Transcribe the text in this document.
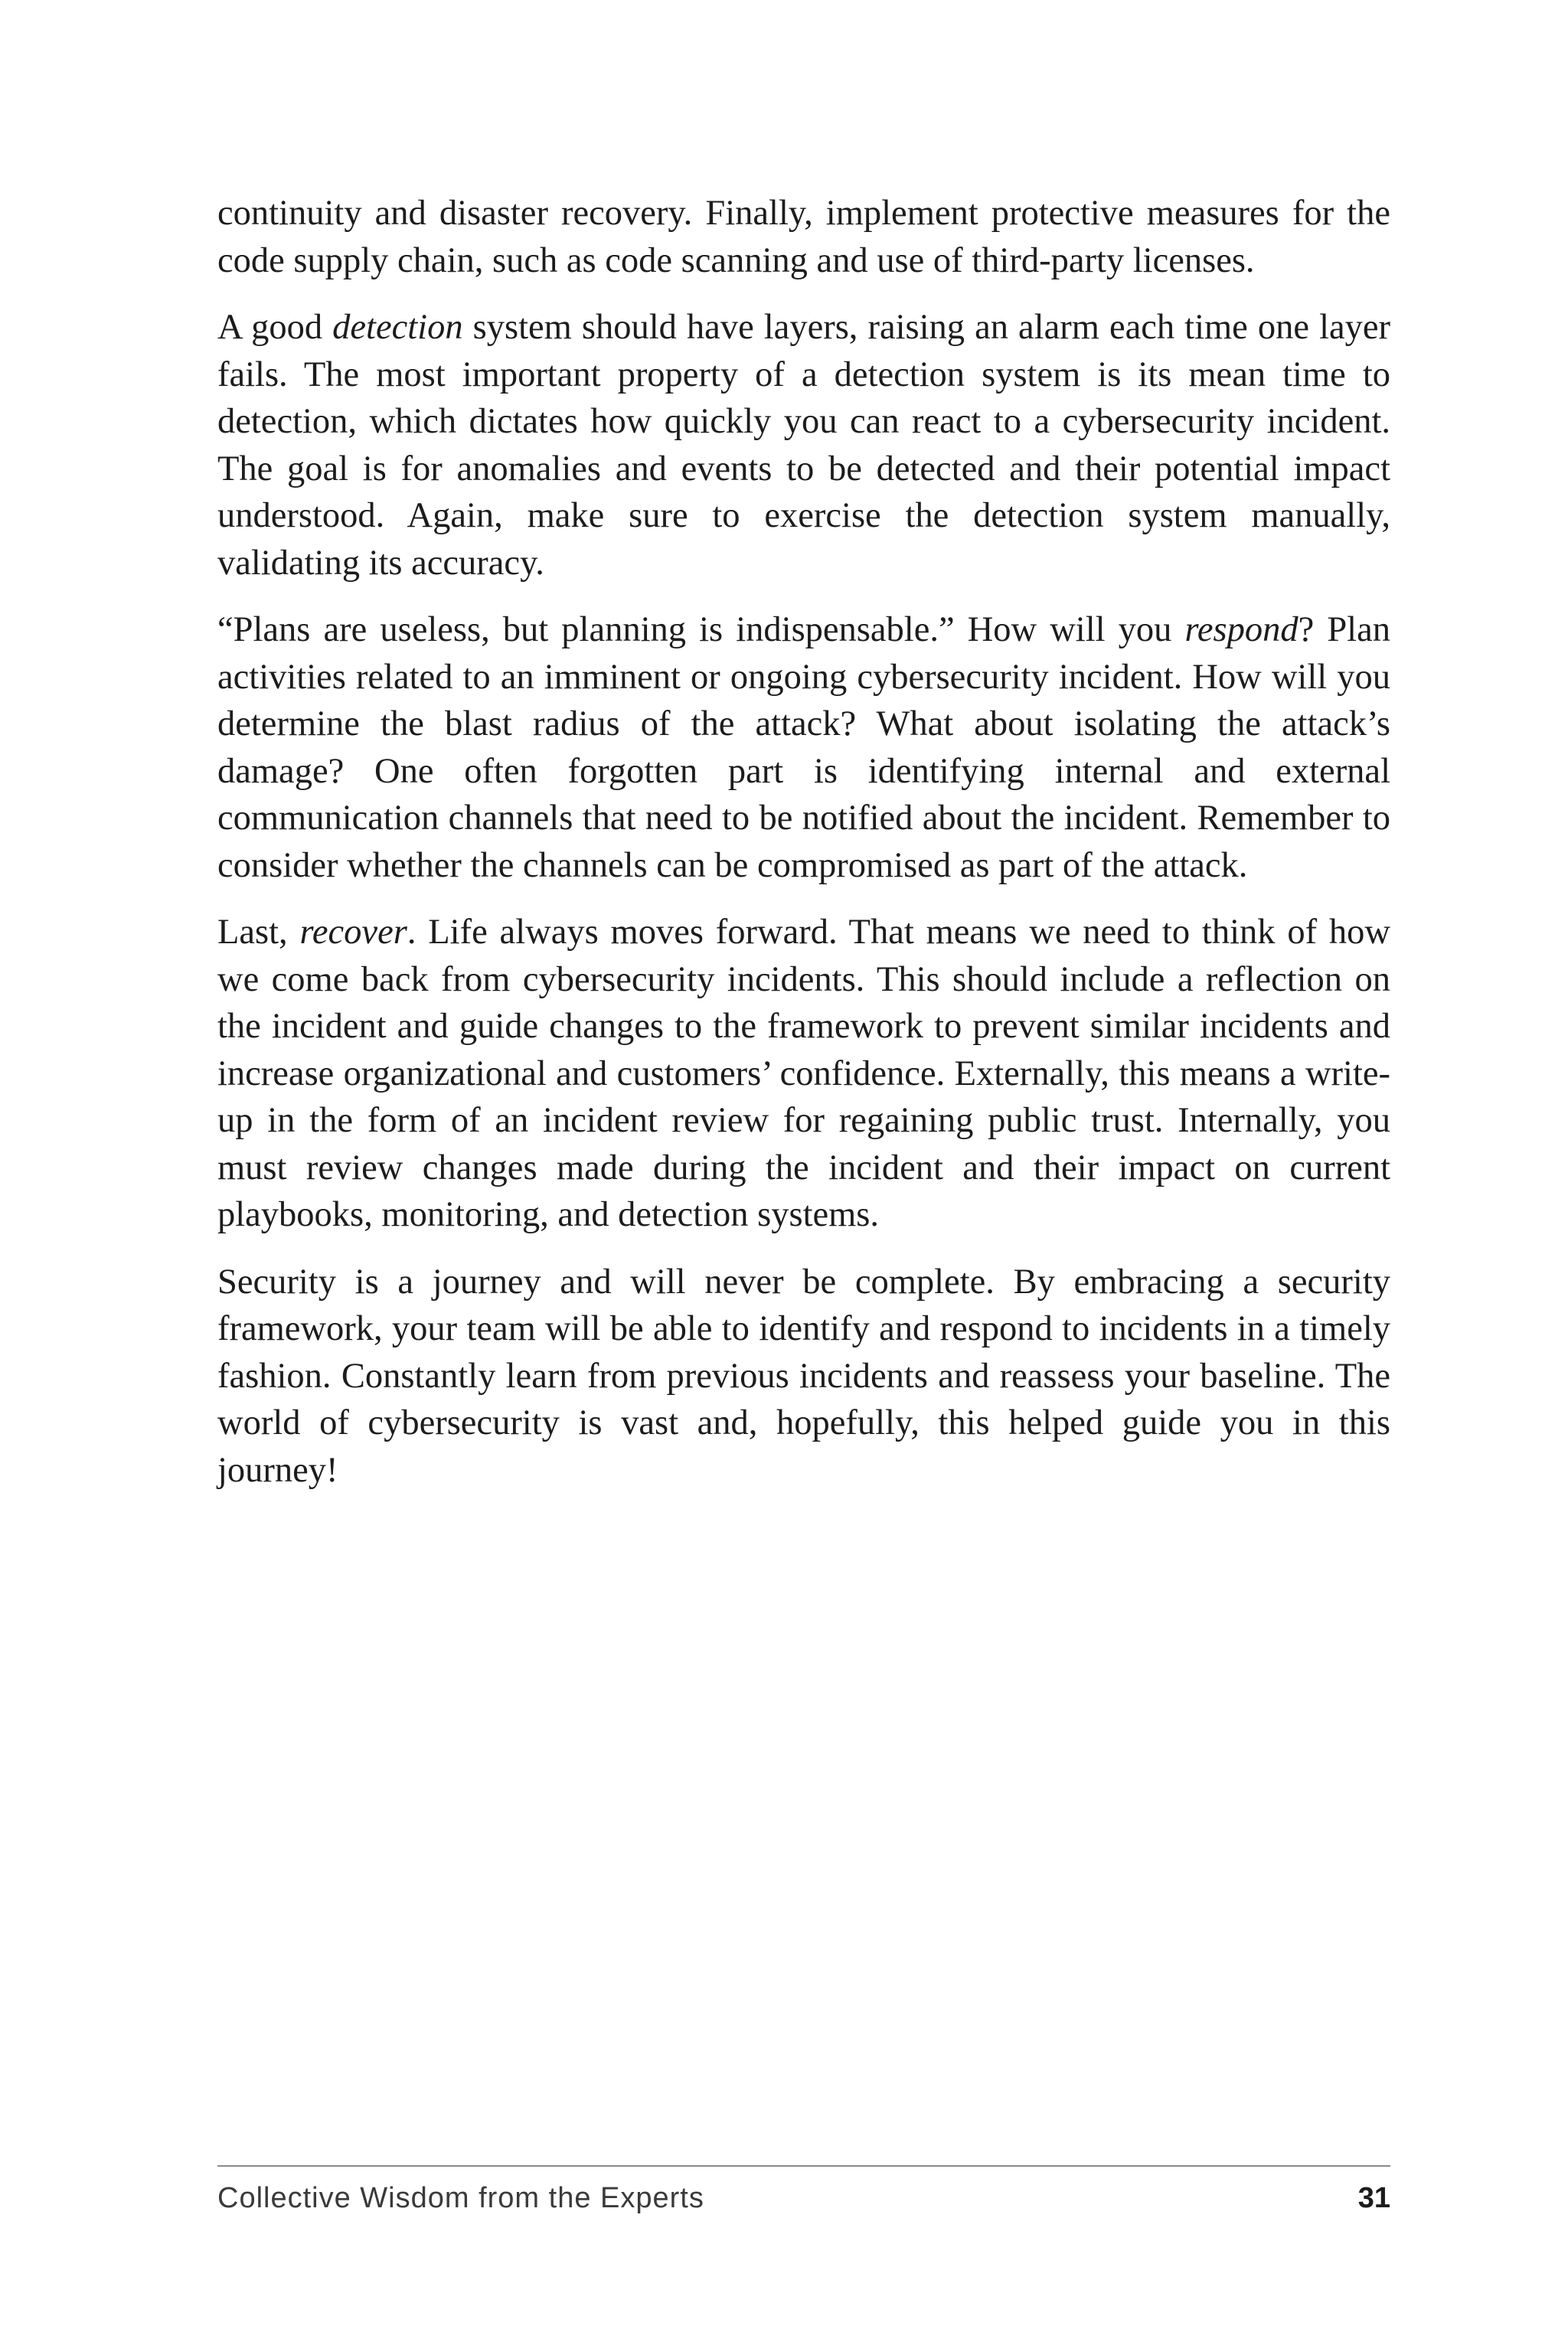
continuity and disaster recovery. Finally, implement protective measures for the code supply chain, such as code scanning and use of third-party licenses.

A good detection system should have layers, raising an alarm each time one layer fails. The most important property of a detection system is its mean time to detection, which dictates how quickly you can react to a cybersecurity incident. The goal is for anomalies and events to be detected and their potential impact understood. Again, make sure to exercise the detection system manually, validating its accuracy.

“Plans are useless, but planning is indispensable.” How will you respond? Plan activities related to an imminent or ongoing cybersecurity incident. How will you determine the blast radius of the attack? What about isolating the attack’s damage? One often forgotten part is identifying internal and external communication channels that need to be notified about the incident. Remember to consider whether the channels can be compromised as part of the attack.

Last, recover. Life always moves forward. That means we need to think of how we come back from cybersecurity incidents. This should include a reflection on the incident and guide changes to the framework to prevent similar incidents and increase organizational and customers’ confidence. Externally, this means a write-up in the form of an incident review for regaining public trust. Internally, you must review changes made during the incident and their impact on current playbooks, monitoring, and detection systems.

Security is a journey and will never be complete. By embracing a security framework, your team will be able to identify and respond to incidents in a timely fashion. Constantly learn from previous incidents and reassess your baseline. The world of cybersecurity is vast and, hopefully, this helped guide you in this journey!

Collective Wisdom from the Experts	31
